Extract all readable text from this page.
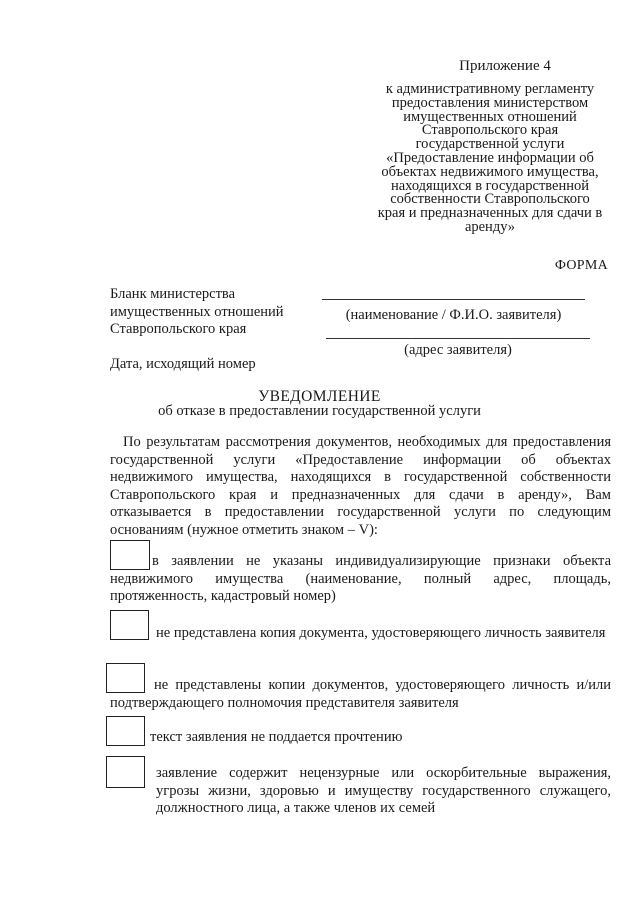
Приложение 4
к административному регламенту предоставления министерством имущественных отношений Ставропольского края государственной услуги «Предоставление информации об объектах недвижимого имущества, находящихся в государственной собственности Ставропольского края и предназначенных для сдачи в аренду»
ФОРМА
Бланк министерства
имущественных отношений
Ставропольского края
(наименование / Ф.И.О. заявителя)
(адрес заявителя)
Дата, исходящий номер
УВЕДОМЛЕНИЕ
об отказе в предоставлении государственной услуги
По результатам рассмотрения документов, необходимых для предоставления государственной услуги «Предоставление информации об объектах недвижимого имущества, находящихся в государственной собственности Ставропольского края и предназначенных для сдачи в аренду», Вам отказывается в предоставлении государственной услуги по следующим основаниям (нужное отметить знаком – V):
в заявлении не указаны индивидуализирующие признаки объекта недвижимого имущества (наименование, полный адрес, площадь, протяженность, кадастровый номер)
не представлена копия документа, удостоверяющего личность заявителя
не представлены копии документов, удостоверяющего личность и/или подтверждающего полномочия представителя заявителя
текст заявления не поддается прочтению
заявление содержит нецензурные или оскорбительные выражения, угрозы жизни, здоровью и имуществу государственного служащего, должностного лица, а также членов их семей
